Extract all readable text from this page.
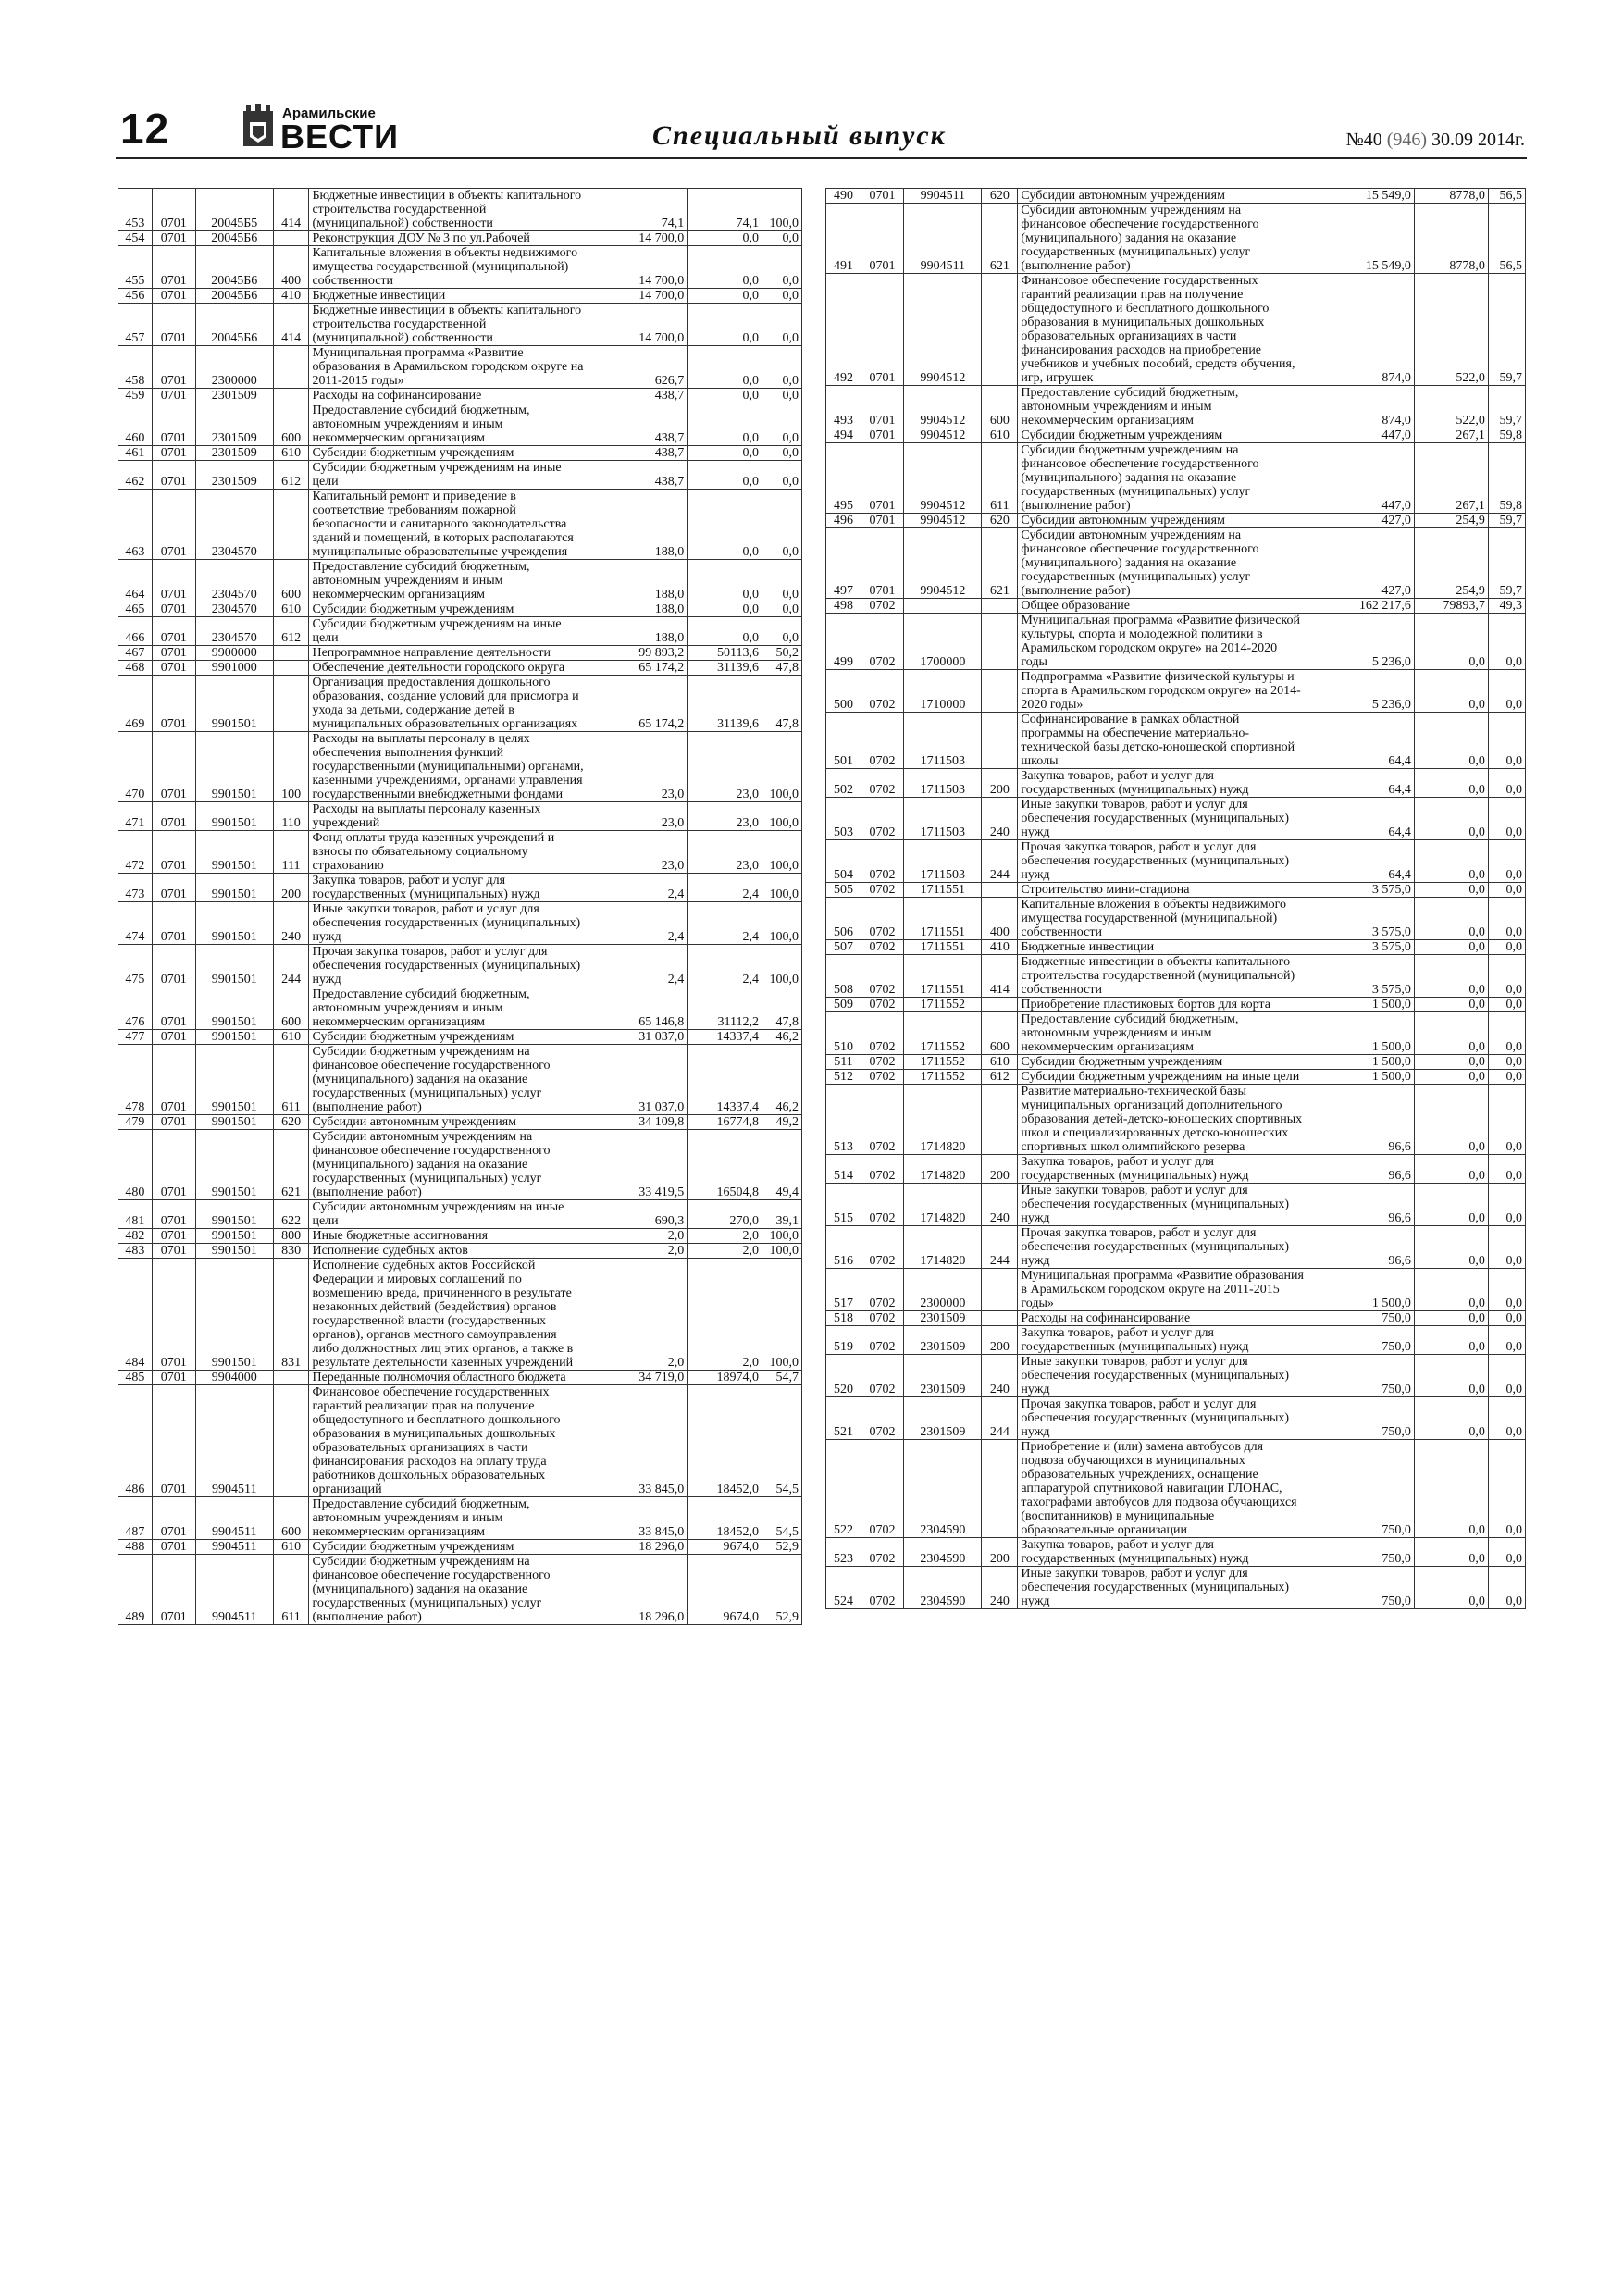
12	Арамильские
ВЕСТИ	Специальный выпуск	№40 (946) 30.09 2014г.
453	0701	20045Б5	414	Бюджетные инвестиции в объекты капитального строительства государственной (муниципальной) собственности	74,1	74,1	100,0
454	0701	20045Б6		Реконструкция ДОУ № 3 по ул.Рабочей	14 700,0	0,0	0,0
455	0701	20045Б6	400	Капитальные вложения в объекты недвижимого имущества государственной (муниципальной) собственности	14 700,0	0,0	0,0
456	0701	20045Б6	410	Бюджетные инвестиции	14 700,0	0,0	0,0
457	0701	20045Б6	414	Бюджетные инвестиции в объекты капитального строительства государственной (муниципальной) собственности	14 700,0	0,0	0,0
458	0701	2300000		Муниципальная программа «Развитие образования в Арамильском городском округе на 2011-2015 годы»	626,7	0,0	0,0
459	0701	2301509		Расходы на софинансирование	438,7	0,0	0,0
460	0701	2301509	600	Предоставление субсидий бюджетным, автономным учреждениям и иным некоммерческим организациям	438,7	0,0	0,0
461	0701	2301509	610	Субсидии бюджетным учреждениям	438,7	0,0	0,0
462	0701	2301509	612	Субсидии бюджетным учреждениям на иные цели	438,7	0,0	0,0
463	0701	2304570		Капитальный ремонт и приведение в соответствие требованиям пожарной безопасности и санитарного законодательства зданий и помещений, в которых располагаются муниципальные образовательные учреждения	188,0	0,0	0,0
464	0701	2304570	600	Предоставление субсидий бюджетным, автономным учреждениям и иным некоммерческим организациям	188,0	0,0	0,0
465	0701	2304570	610	Субсидии бюджетным учреждениям	188,0	0,0	0,0
466	0701	2304570	612	Субсидии бюджетным учреждениям на иные цели	188,0	0,0	0,0
467	0701	9900000		Непрограммное направление деятельности	99 893,2	50113,6	50,2
468	0701	9901000		Обеспечение деятельности городского округа	65 174,2	31139,6	47,8
469	0701	9901501		Организация предоставления дошкольного образования, создание условий для присмотра и ухода за детьми, содержание детей в муниципальных образовательных организациях	65 174,2	31139,6	47,8
470	0701	9901501	100	Расходы на выплаты персоналу в целях обеспечения выполнения функций государственными (муниципальными) органами, казенными учреждениями, органами управления государственными внебюджетными фондами	23,0	23,0	100,0
471	0701	9901501	110	Расходы на выплаты персоналу казенных учреждений	23,0	23,0	100,0
472	0701	9901501	111	Фонд оплаты труда казенных учреждений и взносы по обязательному социальному страхованию	23,0	23,0	100,0
473	0701	9901501	200	Закупка товаров, работ и услуг для государственных (муниципальных) нужд	2,4	2,4	100,0
474	0701	9901501	240	Иные закупки товаров, работ и услуг для обеспечения государственных (муниципальных) нужд	2,4	2,4	100,0
475	0701	9901501	244	Прочая закупка товаров, работ и услуг для обеспечения государственных (муниципальных) нужд	2,4	2,4	100,0
476	0701	9901501	600	Предоставление субсидий бюджетным, автономным учреждениям и иным некоммерческим организациям	65 146,8	31112,2	47,8
477	0701	9901501	610	Субсидии бюджетным учреждениям	31 037,0	14337,4	46,2
478	0701	9901501	611	Субсидии бюджетным учреждениям на финансовое обеспечение государственного (муниципального) задания на оказание государственных (муниципальных) услуг (выполнение работ)	31 037,0	14337,4	46,2
479	0701	9901501	620	Субсидии автономным учреждениям	34 109,8	16774,8	49,2
480	0701	9901501	621	Субсидии автономным учреждениям на финансовое обеспечение государственного (муниципального) задания на оказание государственных (муниципальных) услуг (выполнение работ)	33 419,5	16504,8	49,4
481	0701	9901501	622	Субсидии автономным учреждениям на иные цели	690,3	270,0	39,1
482	0701	9901501	800	Иные бюджетные ассигнования	2,0	2,0	100,0
483	0701	9901501	830	Исполнение судебных актов	2,0	2,0	100,0
484	0701	9901501	831	Исполнение судебных актов Российской Федерации и мировых соглашений по возмещению вреда, причиненного в результате незаконных действий (бездействия) органов государственной власти (государственных органов), органов местного самоуправления либо должностных лиц этих органов, а также в результате деятельности казенных учреждений	2,0	2,0	100,0
485	0701	9904000		Переданные полномочия областного бюджета	34 719,0	18974,0	54,7
486	0701	9904511		Финансовое обеспечение государственных гарантий реализации прав на получение общедоступного и бесплатного дошкольного образования в муниципальных дошкольных образовательных организациях в части финансирования расходов на оплату труда работников дошкольных образовательных организаций	33 845,0	18452,0	54,5
487	0701	9904511	600	Предоставление субсидий бюджетным, автономным учреждениям и иным некоммерческим организациям	33 845,0	18452,0	54,5
488	0701	9904511	610	Субсидии бюджетным учреждениям	18 296,0	9674,0	52,9
489	0701	9904511	611	Субсидии бюджетным учреждениям на финансовое обеспечение государственного (муниципального) задания на оказание государственных (муниципальных) услуг (выполнение работ)	18 296,0	9674,0	52,9
490	0701	9904511	620	Субсидии автономным учреждениям	15 549,0	8778,0	56,5
491	0701	9904511	621	Субсидии автономным учреждениям на финансовое обеспечение государственного (муниципального) задания на оказание государственных (муниципальных) услуг (выполнение работ)	15 549,0	8778,0	56,5
492	0701	9904512		Финансовое обеспечение государственных гарантий реализации прав на получение общедоступного и бесплатного дошкольного образования в муниципальных дошкольных образовательных организациях в части финансирования расходов на приобретение учебников и учебных пособий, средств обучения, игр, игрушек	874,0	522,0	59,7
493	0701	9904512	600	Предоставление субсидий бюджетным, автономным учреждениям и иным некоммерческим организациям	874,0	522,0	59,7
494	0701	9904512	610	Субсидии бюджетным учреждениям	447,0	267,1	59,8
495	0701	9904512	611	Субсидии бюджетным учреждениям на финансовое обеспечение государственного (муниципального) задания на оказание государственных (муниципальных) услуг (выполнение работ)	447,0	267,1	59,8
496	0701	9904512	620	Субсидии автономным учреждениям	427,0	254,9	59,7
497	0701	9904512	621	Субсидии автономным учреждениям на финансовое обеспечение государственного (муниципального) задания на оказание государственных (муниципальных) услуг (выполнение работ)	427,0	254,9	59,7
498	0702			Общее образование	162 217,6	79893,7	49,3
499	0702	1700000		Муниципальная программа «Развитие физической культуры, спорта и молодежной политики в Арамильском городском округе» на 2014-2020 годы	5 236,0	0,0	0,0
500	0702	1710000		Подпрограмма «Развитие физической культуры и спорта в Арамильском городском округе» на 2014-2020 годы»	5 236,0	0,0	0,0
501	0702	1711503		Софинансирование в рамках областной программы на обеспечение материально-технической базы детско-юношеской спортивной школы	64,4	0,0	0,0
502	0702	1711503	200	Закупка товаров, работ и услуг для государственных (муниципальных) нужд	64,4	0,0	0,0
503	0702	1711503	240	Иные закупки товаров, работ и услуг для обеспечения государственных (муниципальных) нужд	64,4	0,0	0,0
504	0702	1711503	244	Прочая закупка товаров, работ и услуг для обеспечения государственных (муниципальных) нужд	64,4	0,0	0,0
505	0702	1711551		Строительство мини-стадиона	3 575,0	0,0	0,0
506	0702	1711551	400	Капитальные вложения в объекты недвижимого имущества государственной (муниципальной) собственности	3 575,0	0,0	0,0
507	0702	1711551	410	Бюджетные инвестиции	3 575,0	0,0	0,0
508	0702	1711551	414	Бюджетные инвестиции в объекты капитального строительства государственной (муниципальной) собственности	3 575,0	0,0	0,0
509	0702	1711552		Приобретение пластиковых бортов для корта	1 500,0	0,0	0,0
510	0702	1711552	600	Предоставление субсидий бюджетным, автономным учреждениям и иным некоммерческим организациям	1 500,0	0,0	0,0
511	0702	1711552	610	Субсидии бюджетным учреждениям	1 500,0	0,0	0,0
512	0702	1711552	612	Субсидии бюджетным учреждениям на иные цели	1 500,0	0,0	0,0
513	0702	1714820		Развитие материально-технической базы муниципальных организаций дополнительного образования детей-детско-юношеских спортивных школ и специализированных детско-юношеских спортивных школ олимпийского резерва	96,6	0,0	0,0
514	0702	1714820	200	Закупка товаров, работ и услуг для государственных (муниципальных) нужд	96,6	0,0	0,0
515	0702	1714820	240	Иные закупки товаров, работ и услуг для обеспечения государственных (муниципальных) нужд	96,6	0,0	0,0
516	0702	1714820	244	Прочая закупка товаров, работ и услуг для обеспечения государственных (муниципальных) нужд	96,6	0,0	0,0
517	0702	2300000		Муниципальная программа «Развитие образования в Арамильском городском округе на 2011-2015 годы»	1 500,0	0,0	0,0
518	0702	2301509		Расходы на софинансирование	750,0	0,0	0,0
519	0702	2301509	200	Закупка товаров, работ и услуг для государственных (муниципальных) нужд	750,0	0,0	0,0
520	0702	2301509	240	Иные закупки товаров, работ и услуг для обеспечения государственных (муниципальных) нужд	750,0	0,0	0,0
521	0702	2301509	244	Прочая закупка товаров, работ и услуг для обеспечения государственных (муниципальных) нужд	750,0	0,0	0,0
522	0702	2304590		Приобретение и (или) замена автобусов для подвоза обучающихся в муниципальных образовательных учреждениях, оснащение аппаратурой спутниковой навигации ГЛОНАС, тахографами автобусов для подвоза обучающихся (воспитанников) в муниципальные образовательные организации	750,0	0,0	0,0
523	0702	2304590	200	Закупка товаров, работ и услуг для государственных (муниципальных) нужд	750,0	0,0	0,0
524	0702	2304590	240	Иные закупки товаров, работ и услуг для обеспечения государственных (муниципальных) нужд	750,0	0,0	0,0
